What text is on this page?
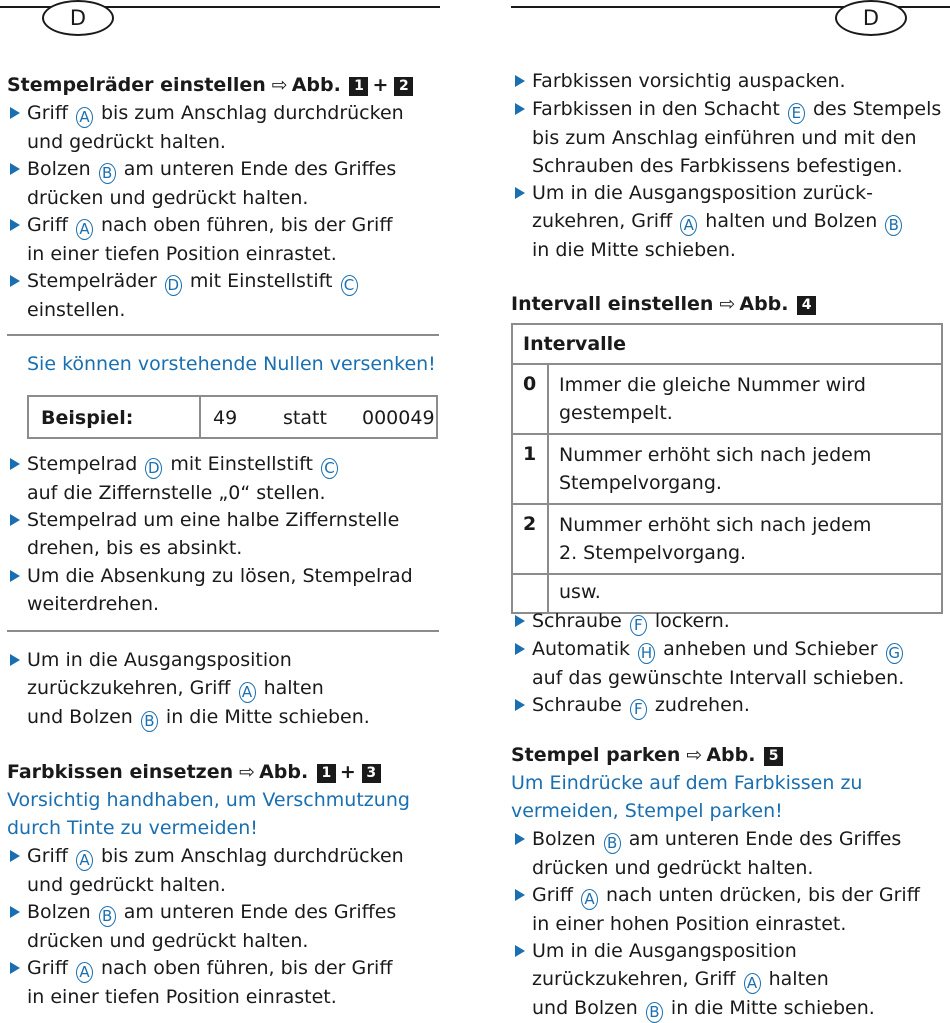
D	D
Stempelräder einstellen ⇨ Abb. 1 + 2
Griff A bis zum Anschlag durchdrücken
und gedrückt halten.
Bolzen B am unteren Ende des Griffes
drücken und gedrückt halten.
Griff A nach oben führen, bis der Griff
in einer tiefen Position einrastet.
Stempelräder D mit Einstellstift C
einstellen.
Sie können vorstehende Nullen versenken!
Beispiel:	49 statt 000049
Stempelrad D mit Einstellstift C
auf die Ziffernstelle „0“ stellen.
Stempelrad um eine halbe Ziffernstelle
drehen, bis es absinkt.
Um die Absenkung zu lösen, Stempelrad
weiterdrehen.
Um in die Ausgangsposition
zurückzukehren, Griff A halten
und Bolzen B in die Mitte schieben.
Farbkissen einsetzen ⇨ Abb. 1 + 3
Vorsichtig handhaben, um Verschmutzung
durch Tinte zu vermeiden!
Griff A bis zum Anschlag durchdrücken
und gedrückt halten.
Bolzen B am unteren Ende des Griffes
drücken und gedrückt halten.
Griff A nach oben führen, bis der Griff
in einer tiefen Position einrastet.
Farbkissen vorsichtig auspacken.
Farbkissen in den Schacht E des Stempels
bis zum Anschlag einführen und mit den
Schrauben des Farbkissens befestigen.
Um in die Ausgangsposition zurück-
zukehren, Griff A halten und Bolzen B
in die Mitte schieben.
Intervall einstellen ⇨ Abb. 4
Intervalle	
0	Immer die gleiche Nummer wird
gestempelt.

1	Nummer erhöht sich nach jedem
Stempelvorgang.

2	Nummer erhöht sich nach jedem
2. Stempelvorgang.

	usw.
Schraube F lockern.
Automatik H anheben und Schieber G
auf das gewünschte Intervall schieben.
Schraube F zudrehen.
Stempel parken ⇨ Abb. 5
Um Eindrücke auf dem Farbkissen zu
vermeiden, Stempel parken!
Bolzen B am unteren Ende des Griffes
drücken und gedrückt halten.
Griff A nach unten drücken, bis der Griff
in einer hohen Position einrastet.
Um in die Ausgangsposition
zurückzukehren, Griff A halten
und Bolzen B in die Mitte schieben.
